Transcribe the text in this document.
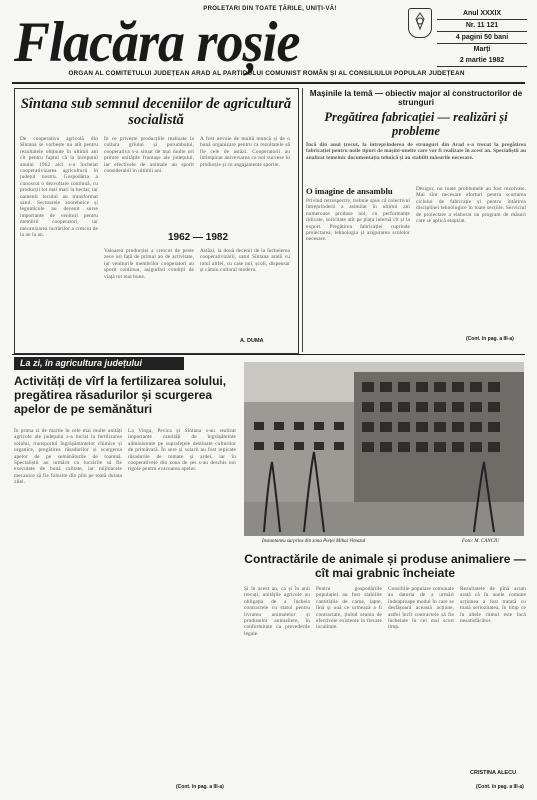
PROLETARI DIN TOATE ȚĂRILE, UNIȚI-VĂ!
Flacăra roșie	Anul XXXIX
Nr. 11 121
4 pagini 50 bani
Marți
2 martie 1982
ORGAN AL COMITETULUI JUDEȚEAN ARAD AL PARTIDULUI COMUNIST ROMÂN ȘI AL CONSILIULUI POPULAR JUDEȚEAN
Sîntana sub semnul deceniilor de agricultură socialistă
De cooperativa agricolă din Sîntana se vorbește nu atît pentru rezultatele obținute în ultimii ani cît pentru faptul că la începutul anului 1962 aici s-a încheiat cooperativizarea agriculturii în județul nostru. Gospodăria a cunoscut o dezvoltare continuă, cu producții tot mai mari la hectar, iar oamenii locului au transformat satul. Sectoarele zootehnice și legumicole au devenit surse importante de venituri pentru membrii cooperatori, iar mecanizarea lucrărilor a crescut de la an la an.
În ce privește producțiile realizate la cultura grîului și porumbului, cooperativa s-a situat de mai multe ori printre unitățile fruntașe ale județului, iar efectivele de animale au sporit considerabil în ultimii ani.
A fost nevoie de multă muncă și de o bună organizare pentru ca rezultatele să fie cele de astăzi. Cooperatorii au întîmpinat aniversarea cu noi succese în producție și cu angajamente sporite.
1962 — 1982
Valoarea producției a crescut de peste zece ori față de primul an de activitate, iar veniturile membrilor cooperatori au sporit continuu, asigurînd condiții de viață tot mai bune.
Astăzi, la două decenii de la încheierea cooperativizării, satul Sîntana arată cu totul altfel, cu case noi, școli, dispensar și cămin cultural modern.
A. DUMA
Mașinile la temă — obiectiv major al constructorilor de strunguri
Pregătirea fabricației — realizări și probleme
Încă din anul trecut, la întreprinderea de strunguri din Arad s-a trecut la pregătirea fabricației pentru noile tipuri de mașini-unelte care vor fi realizate în acest an. Specialiștii au analizat temeinic documentația tehnică și au stabilit măsurile necesare.
O imagine de ansamblu
Privind retrospectiv, trebuie spus că colectivul întreprinderii a asimilat în ultimii ani numeroase produse noi, cu performanțe ridicate, solicitate atît pe piața internă cît și la export. Pregătirea fabricației cuprinde proiectarea, tehnologia și asigurarea sculelor necesare.
Desigur, nu toate problemele au fost rezolvate. Mai sînt necesare eforturi pentru scurtarea ciclului de fabricație și pentru întărirea disciplinei tehnologice în toate secțiile. Serviciul de proiectare a elaborat un program de măsuri care se aplică etapizat.
(Cont. în pag. a III-a)
La zi, în agricultura județului
Activități de vîrf la fertilizarea solului, pregătirea răsadurilor și scurgerea apelor de pe semănături
În prima zi de martie în cele mai multe unități agricole ale județului s-a lucrat la fertilizarea solului, transportul îngrășămintelor chimice și organice, pregătirea răsadurilor și scurgerea apelor de pe semănăturile de toamnă. Specialiștii au urmărit ca lucrările să fie executate de bună calitate, iar mijloacele mecanice să fie folosite din plin pe toată durata zilei.
La Vinga, Pecica și Sîntana s-au realizat importante cantități de îngrășăminte administrate pe suprafețele destinate culturilor de primăvară. În sere și solarii au fost repicate răsadurile de tomate și ardei, iar în cooperativele din zona de șes s-au deschis noi rigole pentru evacuarea apelor.
(Cont. în pag. a III-a)
Instantaneu surprins din zona Pieței Mihai Viteazul	Foto: M. CANCIU
Contractările de animale și produse animaliere — cît mai grabnic încheiate
Și în acest an, ca și în anii trecuți, unitățile agricole au obligația de a încheia contractele cu statul pentru livrarea animalelor și produselor animaliere, în conformitate cu prevederile legale.
Pentru gospodăriile populației au fost stabilite cantitățile de carne, lapte, lînă și ouă ce urmează a fi contractate, ținînd seama de efectivele existente în fiecare localitate.
Consiliile populare comunale au datoria de a urmări îndeaproape modul în care se desfășoară această acțiune, astfel încît contractele să fie încheiate în cel mai scurt timp.
Rezultatele de pînă acum arată că în unele comune acțiunea a fost tratată cu toată seriozitatea, în timp ce în altele ritmul este încă nesatisfăcător.
CRISTINA ALECU
(Cont. în pag. a III-a)
